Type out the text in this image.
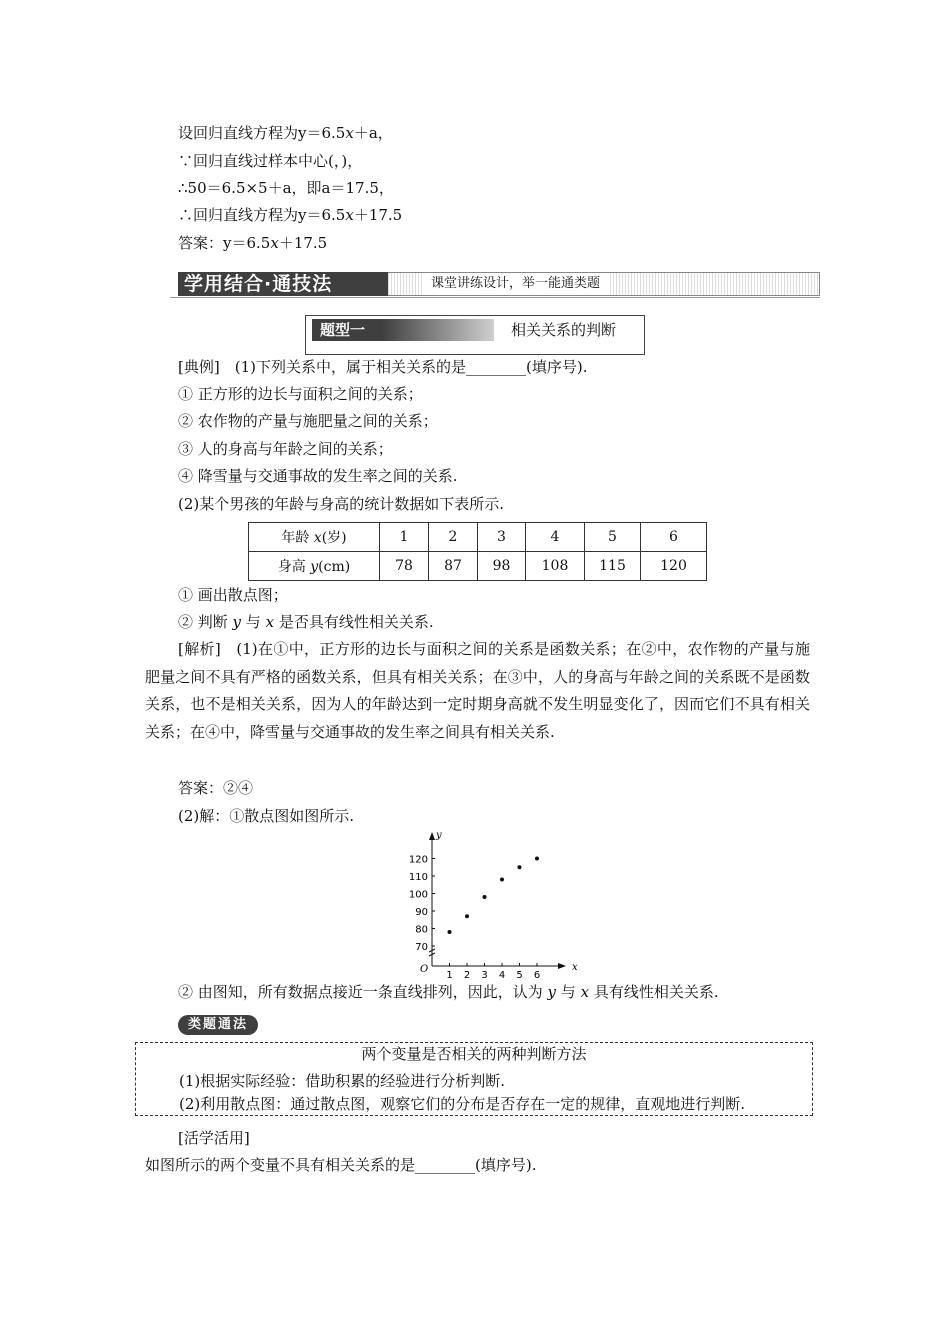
设回归直线方程为y＝6.5x＋a，
∵回归直线过样本中心(，)，
∴50＝6.5×5＋a，即a＝17.5，
∴回归直线方程为y＝6.5x＋17.5
答案：y＝6.5x＋17.5
学用结合·通技法	课堂讲练设计，举一能通类题
题型一	相关关系的判断
[典例]　 (1)下列关系中，属于相关关系的是________(填序号).
① 正方形的边长与面积之间的关系；
② 农作物的产量与施肥量之间的关系；
③ 人的身高与年龄之间的关系；
④ 降雪量与交通事故的发生率之间的关系.
(2)某个男孩的年龄与身高的统计数据如下表所示.
年龄 x(岁)	1	2	3	4	5	6
身高 y(cm)	78	87	98	108	115	120
① 画出散点图；
② 判断 y 与 x 是否具有线性相关关系.
[解析]　(1)在①中，正方形的边长与面积之间的关系是函数关系；在②中，农作物的产量与施肥量之间不具有严格的函数关系，但具有相关关系；在③中，人的身高与年龄之间的关系既不是函数关系，也不是相关关系，因为人的年龄达到一定时期身高就不发生明显变化了，因而它们不具有相关关系；在④中，降雪量与交通事故的发生率之间具有相关关系.
答案：②④
(2)解：①散点图如图所示.
x
y
O
1 2 3 4 5 6
70
80
90
100
110
120
② 由图知，所有数据点接近一条直线排列，因此，认为 y 与 x 具有线性相关关系.
类题通法
两个变量是否相关的两种判断方法
(1)根据实际经验：借助积累的经验进行分析判断.
(2)利用散点图：通过散点图，观察它们的分布是否存在一定的规律，直观地进行判断.
[活学活用]
如图所示的两个变量不具有相关关系的是________(填序号).
